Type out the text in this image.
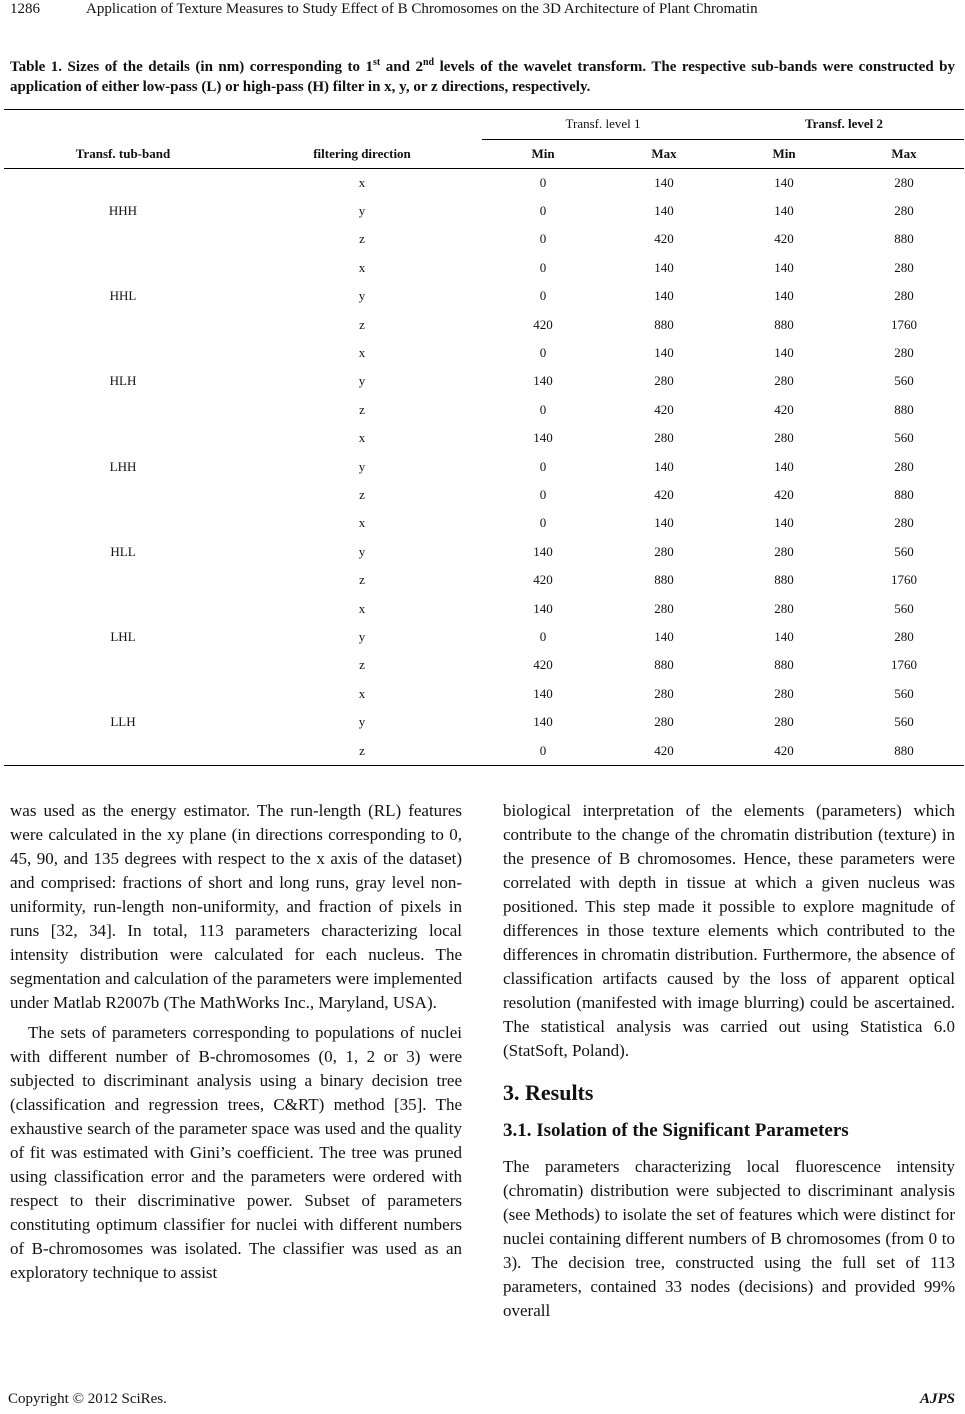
1286	Application of Texture Measures to Study Effect of B Chromosomes on the 3D Architecture of Plant Chromatin
Table 1. Sizes of the details (in nm) corresponding to 1st and 2nd levels of the wavelet transform. The respective sub-bands were constructed by application of either low-pass (L) or high-pass (H) filter in x, y, or z directions, respectively.
		Transf. level 1		Transf. level 2	
Transf. tub-band	filtering direction	Min	Max	Min	Max
HHH	x	0	140	140	280
	y	0	140	140	280
	z	0	420	420	880
HHL	x	0	140	140	280
	y	0	140	140	280
	z	420	880	880	1760
HLH	x	0	140	140	280
	y	140	280	280	560
	z	0	420	420	880
LHH	x	140	280	280	560
	y	0	140	140	280
	z	0	420	420	880
HLL	x	0	140	140	280
	y	140	280	280	560
	z	420	880	880	1760
LHL	x	140	280	280	560
	y	0	140	140	280
	z	420	880	880	1760
LLH	x	140	280	280	560
	y	140	280	280	560
	z	0	420	420	880

was used as the energy estimator. The run-length (RL) features were calculated in the xy plane (in directions corresponding to 0, 45, 90, and 135 degrees with respect to the x axis of the dataset) and comprised: fractions of short and long runs, gray level non-uniformity, run-length non-uniformity, and fraction of pixels in runs [32, 34]. In total, 113 parameters characterizing local intensity distribution were calculated for each nucleus. The segmentation and calculation of the parameters were implemented under Matlab R2007b (The MathWorks Inc., Maryland, USA).

The sets of parameters corresponding to populations of nuclei with different number of B-chromosomes (0, 1, 2 or 3) were subjected to discriminant analysis using a binary decision tree (classification and regression trees, C&RT) method [35]. The exhaustive search of the parameter space was used and the quality of fit was estimated with Gini’s coefficient. The tree was pruned using classification error and the parameters were ordered with respect to their discriminative power. Subset of parameters constituting optimum classifier for nuclei with different numbers of B-chromosomes was isolated. The classifier was used as an exploratory technique to assist

biological interpretation of the elements (parameters) which contribute to the change of the chromatin distribution (texture) in the presence of B chromosomes. Hence, these parameters were correlated with depth in tissue at which a given nucleus was positioned. This step made it possible to explore magnitude of differences in those texture elements which contributed to the differences in chromatin distribution. Furthermore, the absence of classification artifacts caused by the loss of apparent optical resolution (manifested with image blurring) could be ascertained. The statistical analysis was carried out using Statistica 6.0 (StatSoft, Poland).

3. Results
3.1. Isolation of the Significant Parameters

The parameters characterizing local fluorescence intensity (chromatin) distribution were subjected to discriminant analysis (see Methods) to isolate the set of features which were distinct for nuclei containing different numbers of B chromosomes (from 0 to 3). The decision tree, constructed using the full set of 113 parameters, contained 33 nodes (decisions) and provided 99% overall

Copyright © 2012 SciRes.	AJPS
